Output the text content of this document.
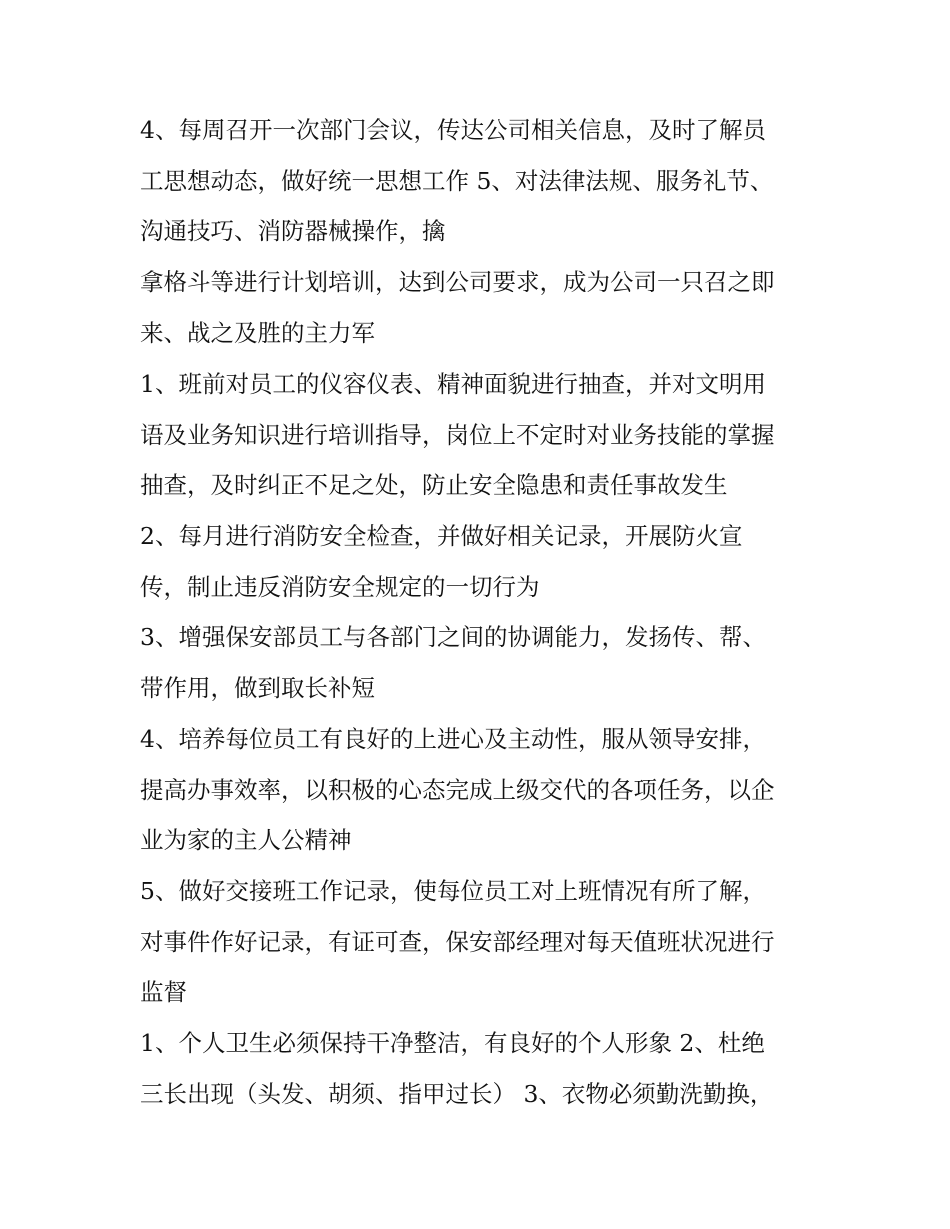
4、每周召开一次部门会议，传达公司相关信息，及时了解员
工思想动态，做好统一思想工作 5、对法律法规、服务礼节、
沟通技巧、消防器械操作，擒
拿格斗等进行计划培训，达到公司要求，成为公司一只召之即
来、战之及胜的主力军
1、班前对员工的仪容仪表、精神面貌进行抽查，并对文明用
语及业务知识进行培训指导，岗位上不定时对业务技能的掌握
抽查，及时纠正不足之处，防止安全隐患和责任事故发生
2、每月进行消防安全检查，并做好相关记录，开展防火宣
传，制止违反消防安全规定的一切行为
3、增强保安部员工与各部门之间的协调能力，发扬传、帮、
带作用，做到取长补短
4、培养每位员工有良好的上进心及主动性，服从领导安排，
提高办事效率，以积极的心态完成上级交代的各项任务，以企
业为家的主人公精神
5、做好交接班工作记录，使每位员工对上班情况有所了解，
对事件作好记录，有证可查，保安部经理对每天值班状况进行
监督
1、个人卫生必须保持干净整洁，有良好的个人形象 2、杜绝
三长出现（头发、胡须、指甲过长） 3、衣物必须勤洗勤换，
